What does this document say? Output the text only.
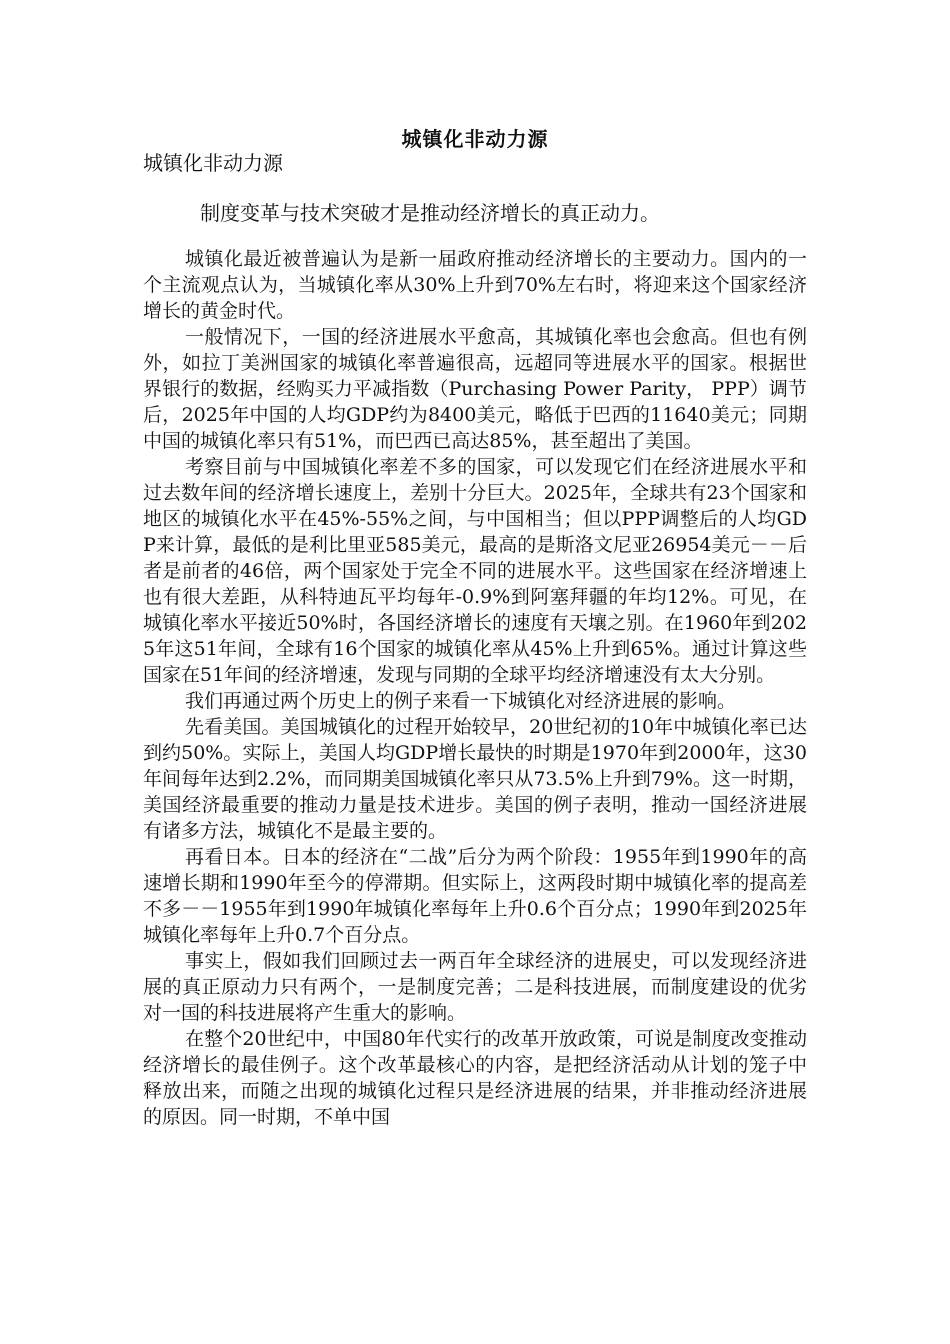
城镇化非动力源

城镇化非动力源

制度变革与技术突破才是推动经济增长的真正动力。

城镇化最近被普遍认为是新一届政府推动经济增长的主要动力。国内的一个主流观点认为，当城镇化率从30%上升到70%左右时，将迎来这个国家经济增长的黄金时代。

一般情况下，一国的经济进展水平愈高，其城镇化率也会愈高。但也有例外，如拉丁美洲国家的城镇化率普遍很高，远超同等进展水平的国家。根据世界银行的数据，经购买力平减指数（Purchasing Power Parity， PPP）调节后，2025年中国的人均GDP约为8400美元，略低于巴西的11640美元；同期中国的城镇化率只有51%，而巴西已高达85%，甚至超出了美国。

考察目前与中国城镇化率差不多的国家，可以发现它们在经济进展水平和过去数年间的经济增长速度上，差别十分巨大。2025年，全球共有23个国家和地区的城镇化水平在45%-55%之间，与中国相当；但以PPP调整后的人均GDP来计算，最低的是利比里亚585美元，最高的是斯洛文尼亚26954美元－－后者是前者的46倍，两个国家处于完全不同的进展水平。这些国家在经济增速上也有很大差距，从科特迪瓦平均每年-0.9%到阿塞拜疆的年均12%。可见，在城镇化率水平接近50%时，各国经济增长的速度有天壤之别。在1960年到2025年这51年间，全球有16个国家的城镇化率从45%上升到65%。通过计算这些国家在51年间的经济增速，发现与同期的全球平均经济增速没有太大分别。

我们再通过两个历史上的例子来看一下城镇化对经济进展的影响。

先看美国。美国城镇化的过程开始较早，20世纪初的10年中城镇化率已达到约50%。实际上，美国人均GDP增长最快的时期是1970年到2000年，这30年间每年达到2.2%，而同期美国城镇化率只从73.5%上升到79%。这一时期，美国经济最重要的推动力量是技术进步。美国的例子表明，推动一国经济进展有诸多方法，城镇化不是最主要的。

再看日本。日本的经济在“二战”后分为两个阶段：1955年到1990年的高速增长期和1990年至今的停滞期。但实际上，这两段时期中城镇化率的提高差不多－－1955年到1990年城镇化率每年上升0.6个百分点；1990年到2025年城镇化率每年上升0.7个百分点。

事实上，假如我们回顾过去一两百年全球经济的进展史，可以发现经济进展的真正原动力只有两个，一是制度完善；二是科技进展，而制度建设的优劣对一国的科技进展将产生重大的影响。

在整个20世纪中，中国80年代实行的改革开放政策，可说是制度改变推动经济增长的最佳例子。这个改革最核心的内容，是把经济活动从计划的笼子中释放出来，而随之出现的城镇化过程只是经济进展的结果，并非推动经济进展的原因。同一时期，不单中国
